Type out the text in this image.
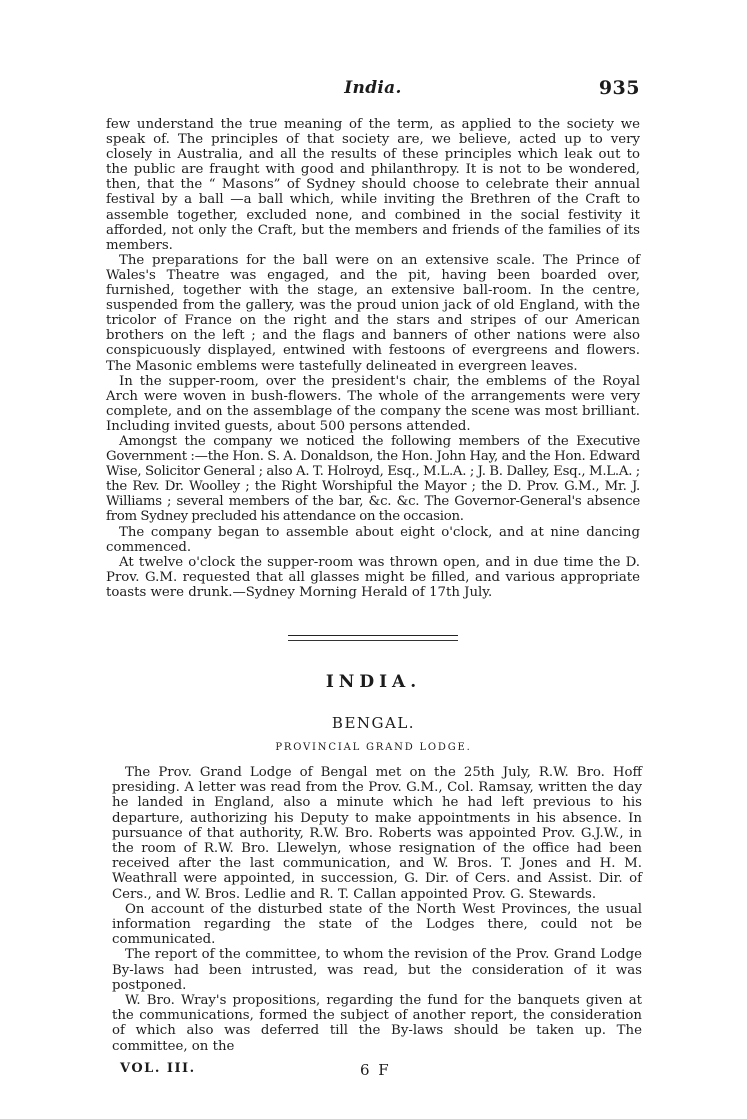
India.	935

few understand the true meaning of the term, as applied to the society we speak of. The principles of that society are, we believe, acted up to very closely in Australia, and all the results of these principles which leak out to the public are fraught with good and philanthropy. It is not to be wondered, then, that the “ Masons” of Sydney should choose to celebrate their annual festival by a ball —a ball which, while inviting the Brethren of the Craft to assemble together, excluded none, and combined in the social festivity it afforded, not only the Craft, but the members and friends of the families of its members.

The preparations for the ball were on an extensive scale. The Prince of Wales's Theatre was engaged, and the pit, having been boarded over, furnished, together with the stage, an extensive ball-room. In the centre, suspended from the gallery, was the proud union jack of old England, with the tricolor of France on the right and the stars and stripes of our American brothers on the left ; and the flags and banners of other nations were also conspicuously displayed, entwined with festoons of evergreens and flowers. The Masonic emblems were tastefully delineated in evergreen leaves.

In the supper-room, over the president's chair, the emblems of the Royal Arch were woven in bush-flowers. The whole of the arrangements were very complete, and on the assemblage of the company the scene was most brilliant. Including invited guests, about 500 persons attended.

Amongst the company we noticed the following members of the Executive Government :—the Hon. S. A. Donaldson, the Hon. John Hay, and the Hon. Edward Wise, Solicitor General ; also A. T. Holroyd, Esq., M.L.A. ; J. B. Dalley, Esq., M.L.A. ; the Rev. Dr. Woolley ; the Right Worshipful the Mayor ; the D. Prov. G.M., Mr. J. Williams ; several members of the bar, &c. &c. The Governor-General's absence from Sydney precluded his attendance on the occasion.

The company began to assemble about eight o'clock, and at nine dancing commenced.

At twelve o'clock the supper-room was thrown open, and in due time the D. Prov. G.M. requested that all glasses might be filled, and various appropriate toasts were drunk.—Sydney Morning Herald of 17th July.

INDIA.
BENGAL.
PROVINCIAL GRAND LODGE.

The Prov. Grand Lodge of Bengal met on the 25th July, R.W. Bro. Hoff presiding. A letter was read from the Prov. G.M., Col. Ramsay, written the day he landed in England, also a minute which he had left previous to his departure, authorizing his Deputy to make appointments in his absence. In pursuance of that authority, R.W. Bro. Roberts was appointed Prov. G.J.W., in the room of R.W. Bro. Llewelyn, whose resignation of the office had been received after the last communication, and W. Bros. T. Jones and H. M. Weathrall were appointed, in succession, G. Dir. of Cers. and Assist. Dir. of Cers., and W. Bros. Ledlie and R. T. Callan appointed Prov. G. Stewards.

On account of the disturbed state of the North West Provinces, the usual information regarding the state of the Lodges there, could not be communicated.

The report of the committee, to whom the revision of the Prov. Grand Lodge By-laws had been intrusted, was read, but the consideration of it was postponed.

W. Bro. Wray's propositions, regarding the fund for the banquets given at the communications, formed the subject of another report, the consideration of which also was deferred till the By-laws should be taken up. The committee, on the

VOL. III.	6 F
